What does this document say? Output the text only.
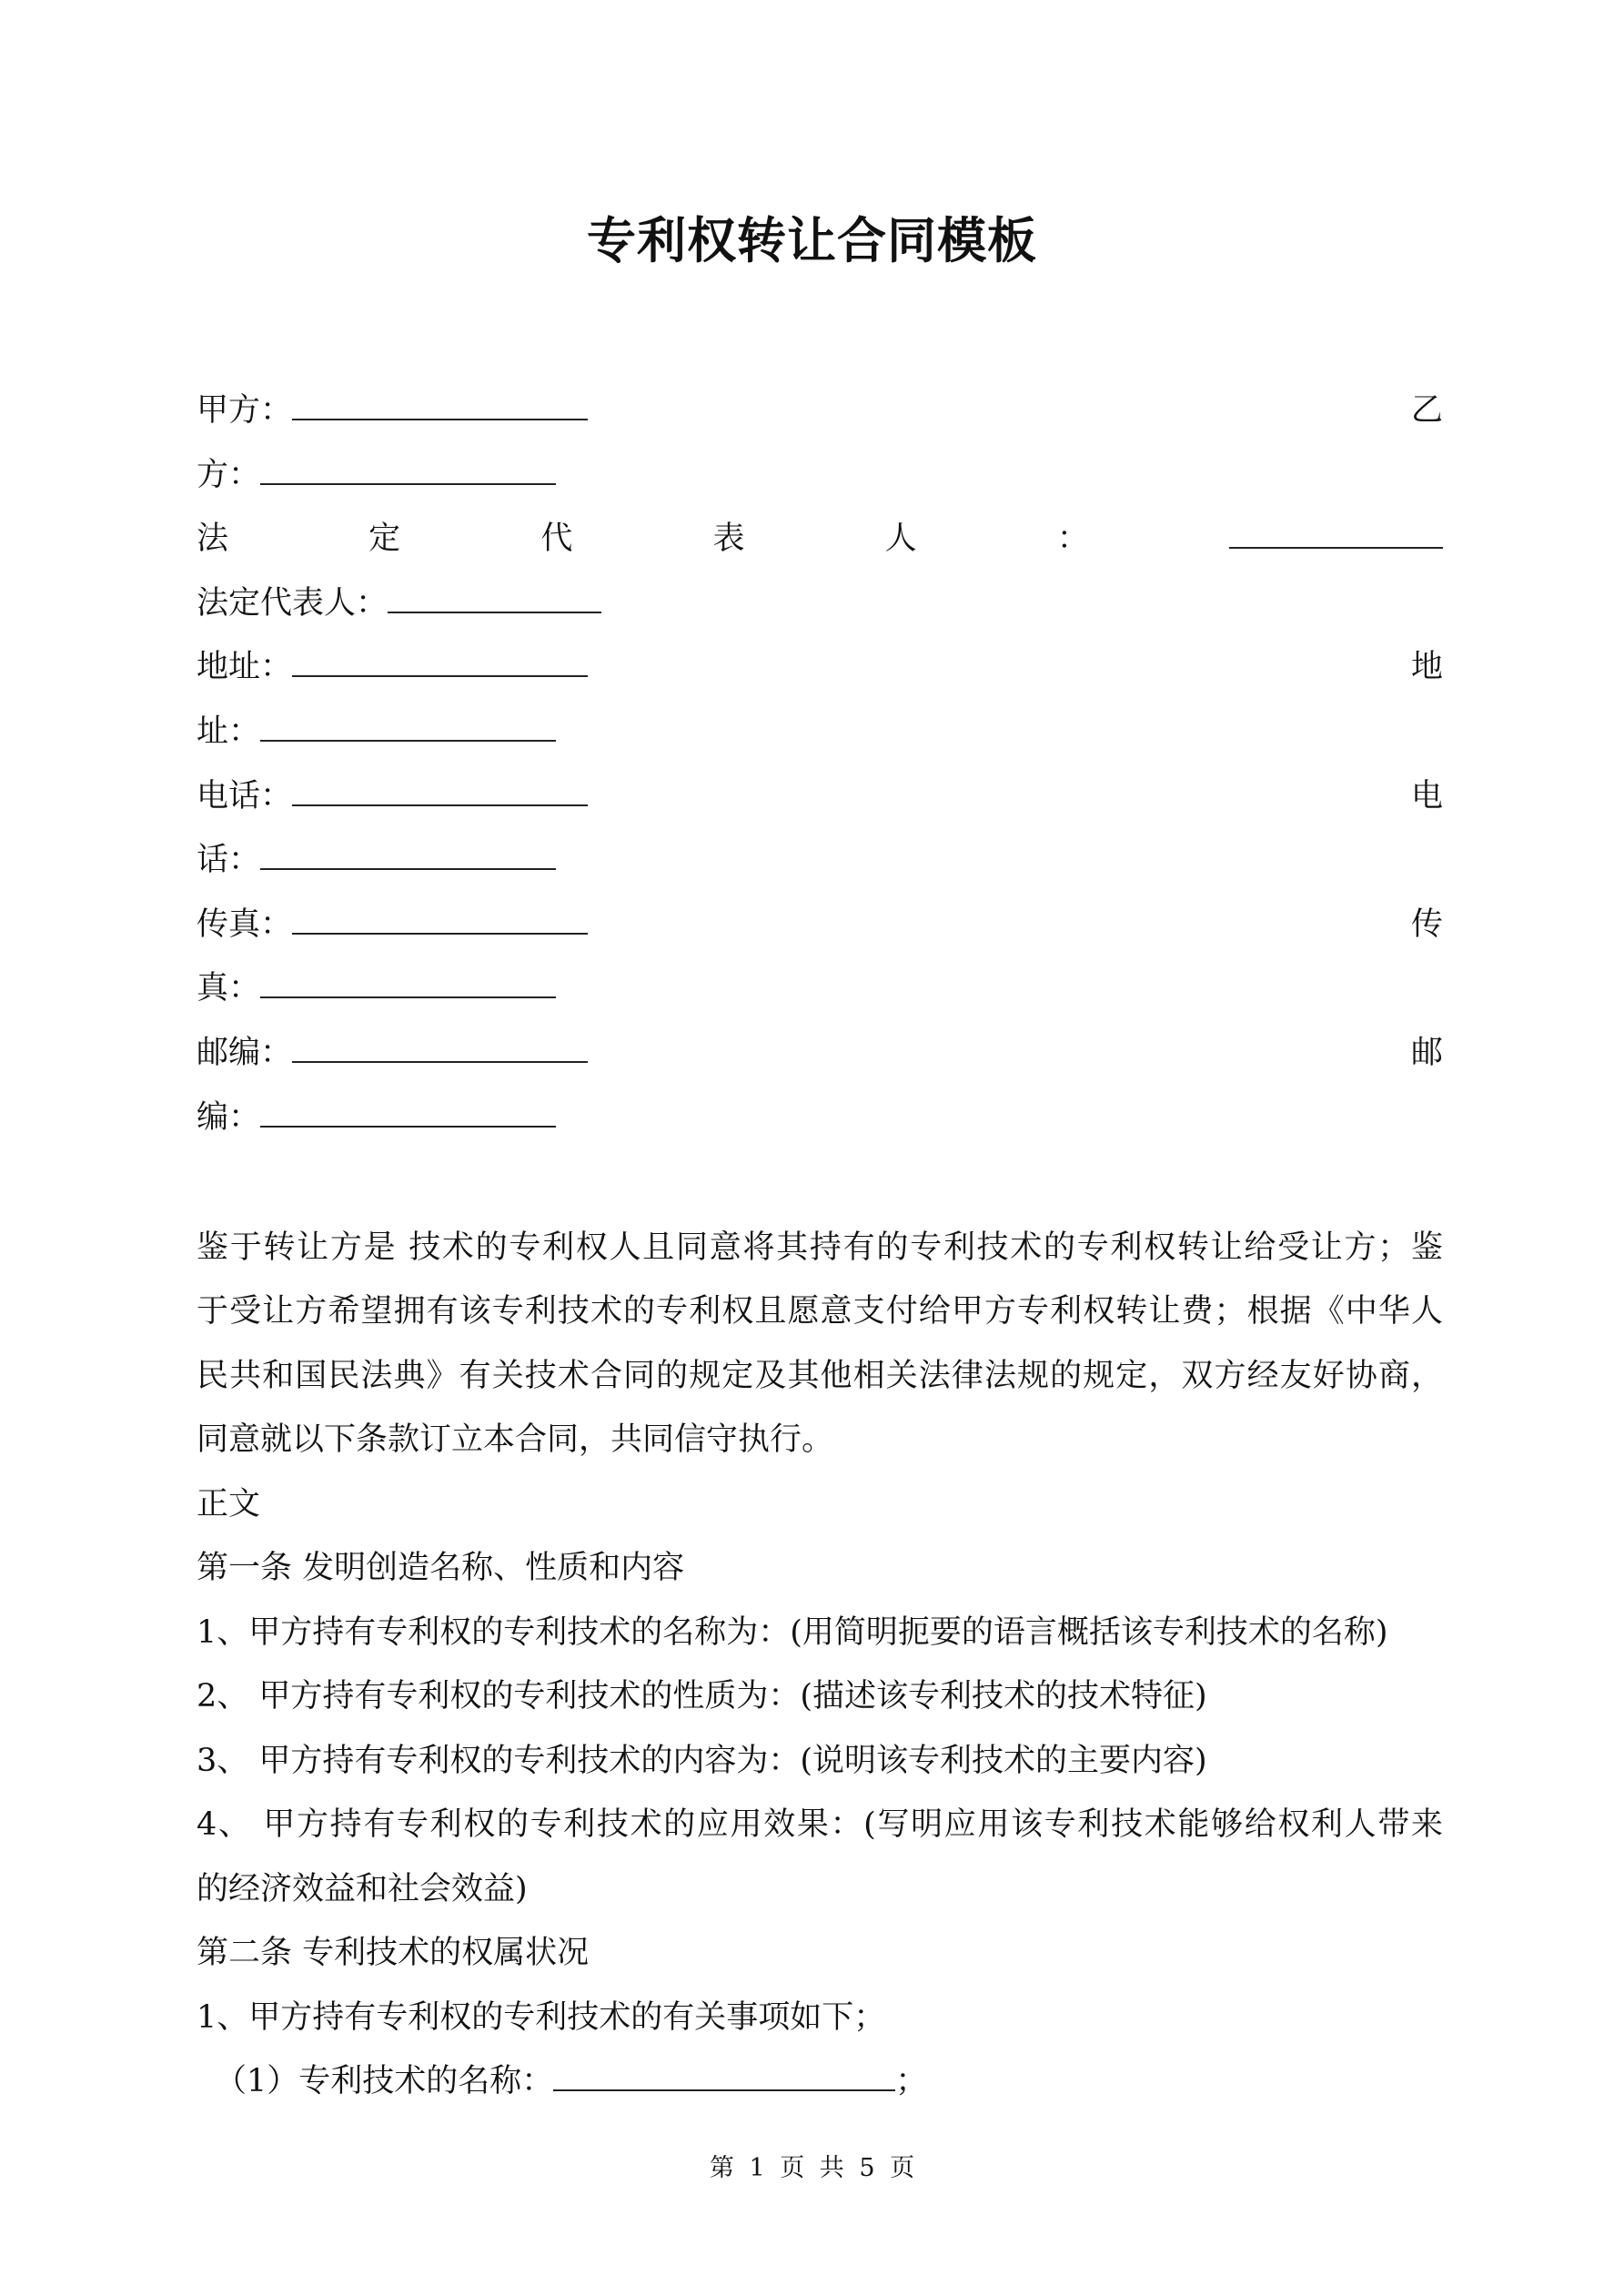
专利权转让合同模板
甲方：	乙
方：
法	定	代	表	人	：
法定代表人：
地址：	地
址：
电话：	电
话：
传真：	传
真：
邮编：	邮
编：
鉴于转让方是 技术的专利权人且同意将其持有的专利技术的专利权转让给受让方；鉴
于受让方希望拥有该专利技术的专利权且愿意支付给甲方专利权转让费；根据《中华人
民共和国民法典》有关技术合同的规定及其他相关法律法规的规定，双方经友好协商，
同意就以下条款订立本合同，共同信守执行。
正文
第一条 发明创造名称、性质和内容
1、甲方持有专利权的专利技术的名称为：(用简明扼要的语言概括该专利技术的名称)
2、 甲方持有专利权的专利技术的性质为：(描述该专利技术的技术特征)
3、 甲方持有专利权的专利技术的内容为：(说明该专利技术的主要内容)
4、 甲方持有专利权的专利技术的应用效果：(写明应用该专利技术能够给权利人带来
的经济效益和社会效益)
第二条 专利技术的权属状况
1、甲方持有专利权的专利技术的有关事项如下；
（1）专利技术的名称：	；
第 1 页 共 5 页
